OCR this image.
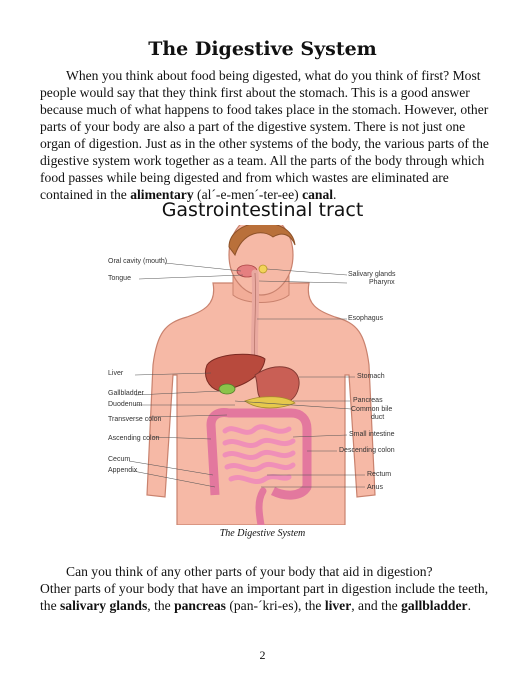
The Digestive System

When you think about food being digested, what do you think of first? Most people would say that they think first about the stomach. This is a good answer because much of what happens to food takes place in the stomach. However, other parts of your body are also a part of the digestive system. There is not just one organ of digestion. Just as in the other systems of the body, the various parts of the digestive system work together as a team. All the parts of the body through which food passes while being digested and from which wastes are eliminated are contained in the alimentary (al´-e-men´-ter-ee) canal.

Gastrointestinal tract
Oral cavity (mouth)
Tongue
Liver
Gallbladder
Duodenum
Transverse colon
Ascending colon
Cecum
Appendix
Salivary glands
Pharynx
Esophagus
Stomach
Pancreas
Common bile
duct
Small intestine
Descending colon
Rectum
Anus
The Digestive System

Can you think of any other parts of your body that aid in digestion?
Other parts of your body that have an important part in digestion include the teeth, the salivary glands, the pancreas (pan-´kri-es), the liver, and the gallbladder.

2
